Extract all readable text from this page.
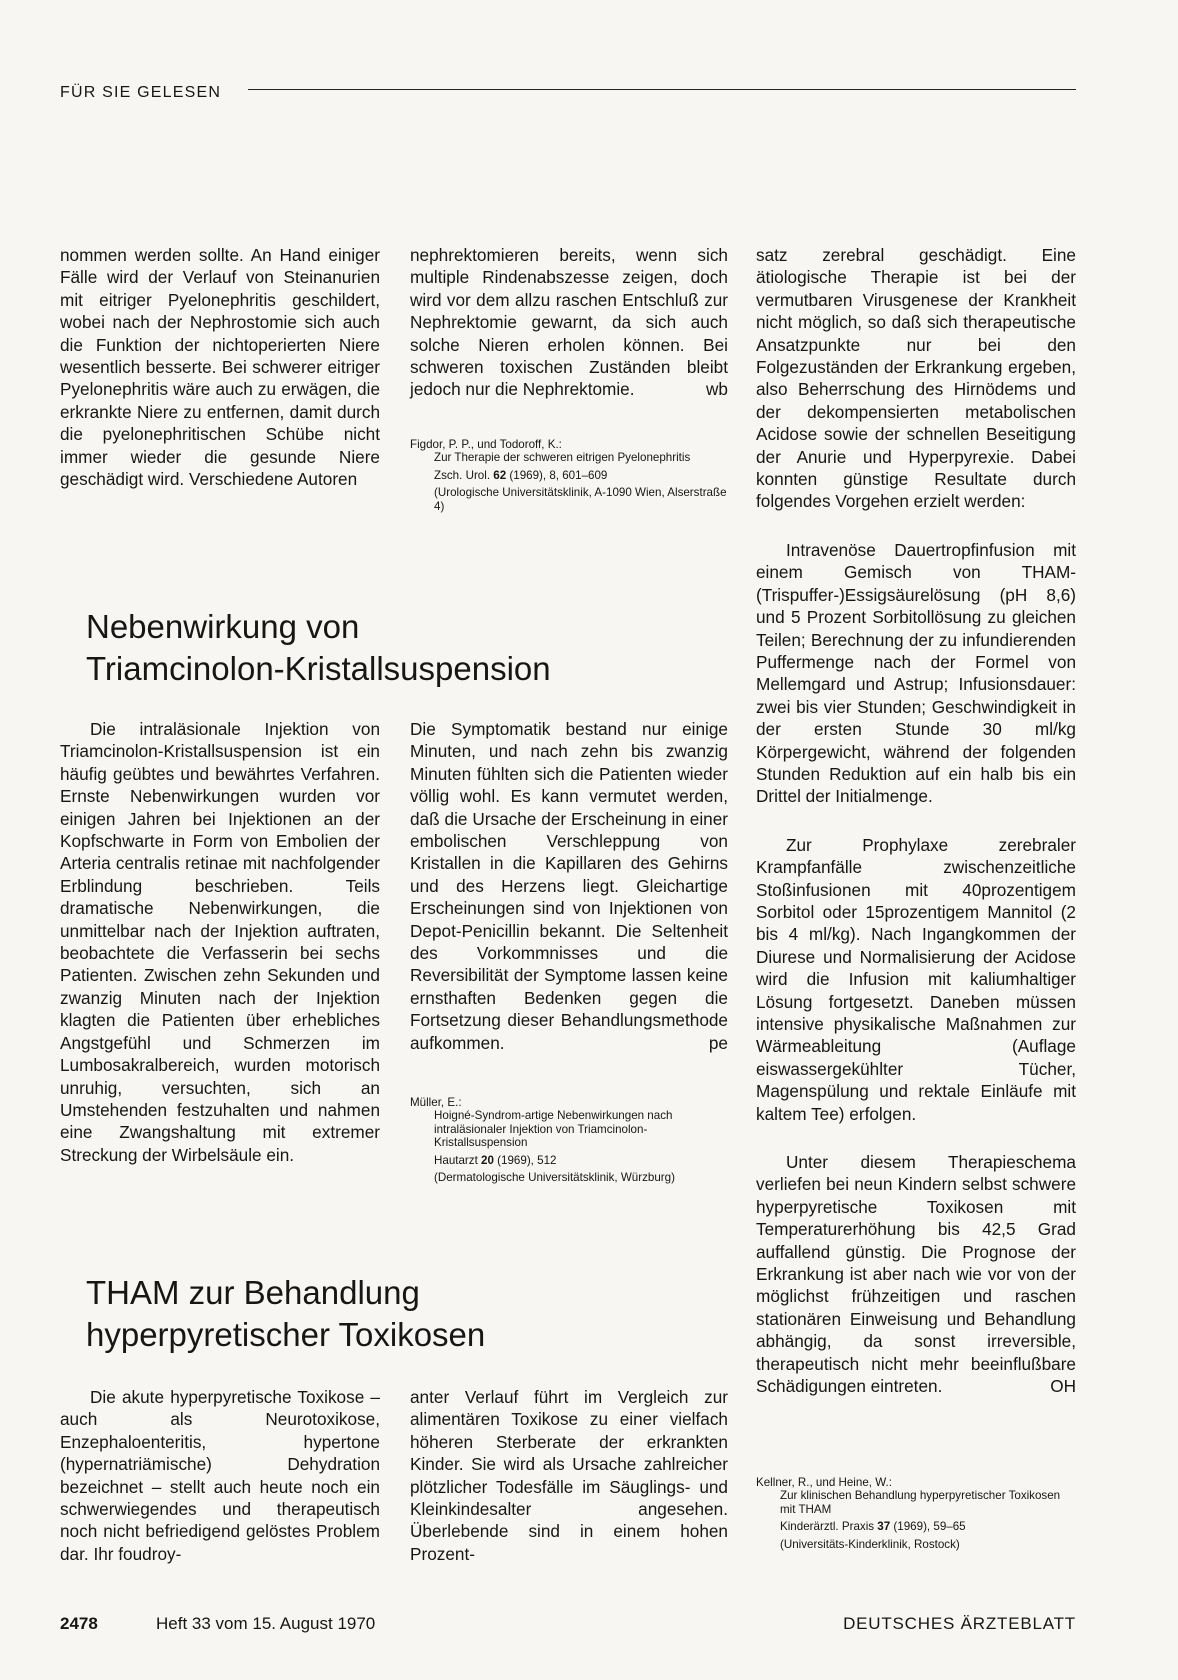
FÜR SIE GELESEN

nommen werden sollte. An Hand einiger Fälle wird der Verlauf von Steinanurien mit eitriger Pyelonephritis geschildert, wobei nach der Nephrostomie sich auch die Funktion der nichtoperierten Niere wesentlich besserte. Bei schwerer eitriger Pyelonephritis wäre auch zu erwägen, die erkrankte Niere zu entfernen, damit durch die pyelonephritischen Schübe nicht immer wieder die gesunde Niere geschädigt wird. Verschiedene Autoren

nephrektomieren bereits, wenn sich multiple Rindenabszesse zeigen, doch wird vor dem allzu raschen Entschluß zur Nephrektomie gewarnt, da sich auch solche Nieren erholen können. Bei schweren toxischen Zuständen bleibt jedoch nur die Nephrektomie.	wb

Figdor, P. P., und Todoroff, K.:
Zur Therapie der schweren eitrigen Pyelonephritis
Zsch. Urol. 62 (1969), 8, 601–609
(Urologische Universitätsklinik, A-1090 Wien, Alserstraße 4)
Nebenwirkung von
Triamcinolon-Kristallsuspension

Die intraläsionale Injektion von Triamcinolon-Kristallsuspension ist ein häufig geübtes und bewährtes Verfahren. Ernste Nebenwirkungen wurden vor einigen Jahren bei Injektionen an der Kopfschwarte in Form von Embolien der Arteria centralis retinae mit nachfolgender Erblindung beschrieben. Teils dramatische Nebenwirkungen, die unmittelbar nach der Injektion auftraten, beobachtete die Verfasserin bei sechs Patienten. Zwischen zehn Sekunden und zwanzig Minuten nach der Injektion klagten die Patienten über erhebliches Angstgefühl und Schmerzen im Lumbosakralbereich, wurden motorisch unruhig, versuchten, sich an Umstehenden festzuhalten und nahmen eine Zwangshaltung mit extremer Streckung der Wirbelsäule ein.

Die Symptomatik bestand nur einige Minuten, und nach zehn bis zwanzig Minuten fühlten sich die Patienten wieder völlig wohl. Es kann vermutet werden, daß die Ursache der Erscheinung in einer embolischen Verschleppung von Kristallen in die Kapillaren des Gehirns und des Herzens liegt. Gleichartige Erscheinungen sind von Injektionen von Depot-Penicillin bekannt. Die Seltenheit des Vorkommnisses und die Reversibilität der Symptome lassen keine ernsthaften Bedenken gegen die Fortsetzung dieser Behandlungsmethode aufkommen.	pe

Müller, E.:
Hoigné-Syndrom-artige Nebenwirkungen nach intraläsionaler Injektion von Triamcinolon-Kristallsuspension
Hautarzt 20 (1969), 512
(Dermatologische Universitätsklinik, Würzburg)
THAM zur Behandlung
hyperpyretischer Toxikosen

Die akute hyperpyretische Toxikose – auch als Neurotoxikose, Enzephaloenteritis, hypertone (hypernatriämische) Dehydration bezeichnet – stellt auch heute noch ein schwerwiegendes und therapeutisch noch nicht befriedigend gelöstes Problem dar. Ihr foudroy-

anter Verlauf führt im Vergleich zur alimentären Toxikose zu einer vielfach höheren Sterberate der erkrankten Kinder. Sie wird als Ursache zahlreicher plötzlicher Todesfälle im Säuglings- und Kleinkindesalter angesehen. Überlebende sind in einem hohen Prozent-

satz zerebral geschädigt. Eine ätiologische Therapie ist bei der vermutbaren Virusgenese der Krankheit nicht möglich, so daß sich therapeutische Ansatzpunkte nur bei den Folgezuständen der Erkrankung ergeben, also Beherrschung des Hirnödems und der dekompensierten metabolischen Acidose sowie der schnellen Beseitigung der Anurie und Hyperpyrexie. Dabei konnten günstige Resultate durch folgendes Vorgehen erzielt werden:

Intravenöse Dauertropfinfusion mit einem Gemisch von THAM-(Trispuffer-)Essigsäurelösung (pH 8,6) und 5 Prozent Sorbitollösung zu gleichen Teilen; Berechnung der zu infundierenden Puffermenge nach der Formel von Mellemgard und Astrup; Infusionsdauer: zwei bis vier Stunden; Geschwindigkeit in der ersten Stunde 30 ml/kg Körpergewicht, während der folgenden Stunden Reduktion auf ein halb bis ein Drittel der Initialmenge.

Zur Prophylaxe zerebraler Krampfanfälle zwischenzeitliche Stoßinfusionen mit 40prozentigem Sorbitol oder 15prozentigem Mannitol (2 bis 4 ml/kg). Nach Ingangkommen der Diurese und Normalisierung der Acidose wird die Infusion mit kaliumhaltiger Lösung fortgesetzt. Daneben müssen intensive physikalische Maßnahmen zur Wärmeableitung (Auflage eiswassergekühlter Tücher, Magenspülung und rektale Einläufe mit kaltem Tee) erfolgen.

Unter diesem Therapieschema verliefen bei neun Kindern selbst schwere hyperpyretische Toxikosen mit Temperaturerhöhung bis 42,5 Grad auffallend günstig. Die Prognose der Erkrankung ist aber nach wie vor von der möglichst frühzeitigen und raschen stationären Einweisung und Behandlung abhängig, da sonst irreversible, therapeutisch nicht mehr beeinflußbare Schädigungen eintreten.	OH

Kellner, R., und Heine, W.:
Zur klinischen Behandlung hyperpyretischer Toxikosen mit THAM
Kinderärztl. Praxis 37 (1969), 59–65
(Universitäts-Kinderklinik, Rostock)
2478	Heft 33 vom 15. August 1970	DEUTSCHES ÄRZTEBLATT
